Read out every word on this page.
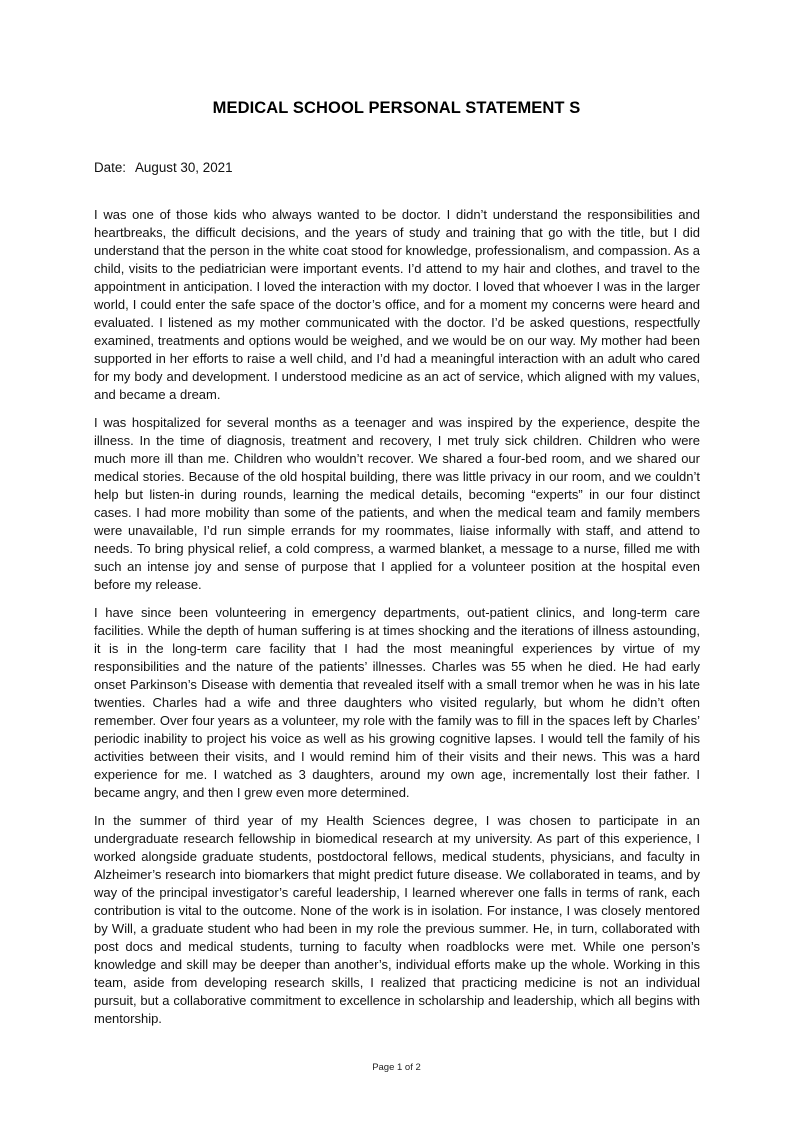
MEDICAL SCHOOL PERSONAL STATEMENT S
Date: August 30, 2021

I was one of those kids who always wanted to be doctor. I didn’t understand the responsibilities and heartbreaks, the difficult decisions, and the years of study and training that go with the title, but I did understand that the person in the white coat stood for knowledge, professionalism, and compassion. As a child, visits to the pediatrician were important events. I’d attend to my hair and clothes, and travel to the appointment in anticipation. I loved the interaction with my doctor. I loved that whoever I was in the larger world, I could enter the safe space of the doctor’s office, and for a moment my concerns were heard and evaluated. I listened as my mother communicated with the doctor. I’d be asked questions, respectfully examined, treatments and options would be weighed, and we would be on our way. My mother had been supported in her efforts to raise a well child, and I’d had a meaningful interaction with an adult who cared for my body and development. I understood medicine as an act of service, which aligned with my values, and became a dream.

I was hospitalized for several months as a teenager and was inspired by the experience, despite the illness. In the time of diagnosis, treatment and recovery, I met truly sick children. Children who were much more ill than me. Children who wouldn’t recover. We shared a four-bed room, and we shared our medical stories. Because of the old hospital building, there was little privacy in our room, and we couldn’t help but listen-in during rounds, learning the medical details, becoming “experts” in our four distinct cases. I had more mobility than some of the patients, and when the medical team and family members were unavailable, I’d run simple errands for my roommates, liaise informally with staff, and attend to needs. To bring physical relief, a cold compress, a warmed blanket, a message to a nurse, filled me with such an intense joy and sense of purpose that I applied for a volunteer position at the hospital even before my release.

I have since been volunteering in emergency departments, out-patient clinics, and long-term care facilities. While the depth of human suffering is at times shocking and the iterations of illness astounding, it is in the long-term care facility that I had the most meaningful experiences by virtue of my responsibilities and the nature of the patients’ illnesses. Charles was 55 when he died. He had early onset Parkinson’s Disease with dementia that revealed itself with a small tremor when he was in his late twenties. Charles had a wife and three daughters who visited regularly, but whom he didn’t often remember. Over four years as a volunteer, my role with the family was to fill in the spaces left by Charles’ periodic inability to project his voice as well as his growing cognitive lapses. I would tell the family of his activities between their visits, and I would remind him of their visits and their news. This was a hard experience for me. I watched as 3 daughters, around my own age, incrementally lost their father. I became angry, and then I grew even more determined.

In the summer of third year of my Health Sciences degree, I was chosen to participate in an undergraduate research fellowship in biomedical research at my university. As part of this experience, I worked alongside graduate students, postdoctoral fellows, medical students, physicians, and faculty in Alzheimer’s research into biomarkers that might predict future disease. We collaborated in teams, and by way of the principal investigator’s careful leadership, I learned wherever one falls in terms of rank, each contribution is vital to the outcome. None of the work is in isolation. For instance, I was closely mentored by Will, a graduate student who had been in my role the previous summer. He, in turn, collaborated with post docs and medical students, turning to faculty when roadblocks were met. While one person’s knowledge and skill may be deeper than another’s, individual efforts make up the whole. Working in this team, aside from developing research skills, I realized that practicing medicine is not an individual pursuit, but a collaborative commitment to excellence in scholarship and leadership, which all begins with mentorship.

Page 1 of 2
